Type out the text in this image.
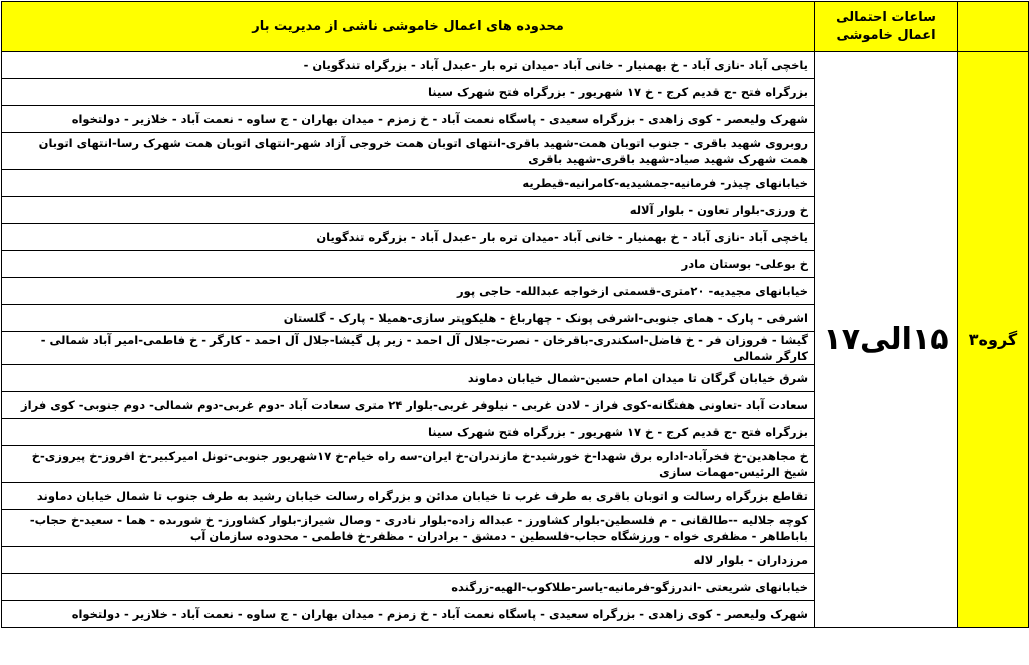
	ساعات احتمالی اعمال خاموشی	محدوده های اعمال خاموشی ناشی از مدیریت بار
گروه۳	۱۵الی۱۷	یاخچی آباد -نازی آباد - خ بهمنیار - خانی آباد -میدان تره بار -عبدل آباد - بزرگراه تندگویان -
		بزرگراه فتح -ج قدیم کرج - خ ۱۷ شهریور - بزرگراه فتح شهرک سینا
		شهرک ولیعصر - کوی زاهدی - بزرگراه سعیدی - پاسگاه نعمت آباد - خ زمزم - میدان بهاران - ج ساوه - نعمت آباد - خلازیر - دولتخواه
		روبروی شهید باقری - جنوب اتوبان همت-شهید باقری-انتهای اتوبان همت خروجی آزاد شهر-انتهای اتوبان همت شهرک رسا-انتهای اتوبان همت شهرک شهید صیاد-شهید باقری-شهید باقری
		خیابانهای چیذر- فرمانیه-جمشیدیه-کامرانیه-قیطریه
		خ ورزی-بلوار تعاون - بلوار آلاله
		یاخچی آباد -نازی آباد - خ بهمنیار - خانی آباد -میدان تره بار -عبدل آباد - بزرگره تندگویان
		خ بوعلی- بوستان مادر
		خیابانهای مجیدیه- ۲۰متری-قسمتی ازخواجه عبدالله- حاجی پور
		اشرفی - پارک - همای جنوبی-اشرفی پونک - چهارباغ - هلیکوپتر سازی-همیلا - پارک - گلستان
		گیشا - فروزان فر - خ فاضل-اسکندری-باقرخان - نصرت-جلال آل احمد - زیر پل گیشا-جلال آل احمد - کارگر - خ فاطمی-امیر آباد شمالی - کارگر شمالی
		شرق خیابان گرگان تا میدان امام حسین-شمال خیابان دماوند
		سعادت آباد -تعاونی هفتگانه-کوی فراز - لادن غربی - نیلوفر غربی-بلوار ۲۴ متری سعادت آباد -دوم غربی-دوم شمالی- دوم جنوبی- کوی فراز
		بزرگراه فتح -ج قدیم کرج - خ ۱۷ شهریور - بزرگراه فتح شهرک سینا
		خ مجاهدین-خ فخرآباد-اداره برق شهدا-خ خورشید-خ مازندران-خ ایران-سه راه خیام-خ ۱۷شهریور جنوبی-تونل امیرکبیر-خ افروز-خ پیروزی-خ شیخ الرئیس-مهمات سازی
		تقاطع بزرگراه رسالت و اتوبان باقری به طرف غرب تا خیابان مدائن و بزرگراه رسالت خیابان رشید به طرف جنوب تا شمال خیابان دماوند
		کوچه جلالیه --طالقانی - م فلسطین-بلوار کشاورز - عبداله زاده-بلوار نادری - وصال شیراز-بلوار کشاورز- خ شورىده - هما - سعید-خ حجاب-باباطاهر - مظفری خواه - ورزشگاه حجاب-فلسطین - دمشق - برادران - مظفر-خ فاطمی - محدوده سازمان آب
		مرزداران - بلوار لاله
		خیابانهای شریعتی -اندرزگو-فرمانیه-یاسر-طلاکوب-الهیه-زرگنده
		شهرک ولیعصر - کوی زاهدی - بزرگراه سعیدی - پاسگاه نعمت آباد - خ زمزم - میدان بهاران - ج ساوه - نعمت آباد - خلازیر - دولتخواه
